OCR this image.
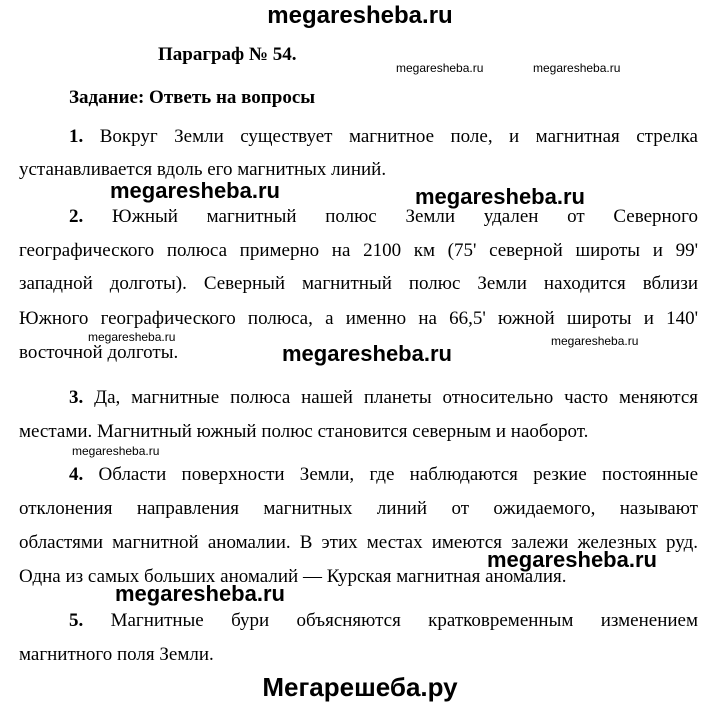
megaresheba.ru
megaresheba.ru	megaresheba.ru
Параграф № 54.
Задание: Ответь на вопросы
1. Вокруг Земли существует магнитное поле, и магнитная стрелка
устанавливается вдоль его магнитных линий.
megaresheba.ru	megaresheba.ru
2. Южный магнитный полюс Земли удален от Северного
географического полюса примерно на 2100 км (75' северной широты и 99'
западной долготы). Северный магнитный полюс Земли находится вблизи
Южного географического полюса, а именно на 66,5' южной широты и 140'
megaresheba.ru	megaresheba.ru
восточной долготы.	megaresheba.ru
3. Да, магнитные полюса нашей планеты относительно часто меняются
местами. Магнитный южный полюс становится северным и наоборот.
megaresheba.ru
4. Области поверхности Земли, где наблюдаются резкие постоянные
отклонения направления магнитных линий от ожидаемого, называют
областями магнитной аномалии. В этих местах имеются залежи железных руд.
megaresheba.ru
Одна из самых больших аномалий — Курская магнитная аномалия.
megaresheba.ru
5. Магнитные бури объясняются кратковременным изменением
магнитного поля Земли.
Мегарешеба.ру
